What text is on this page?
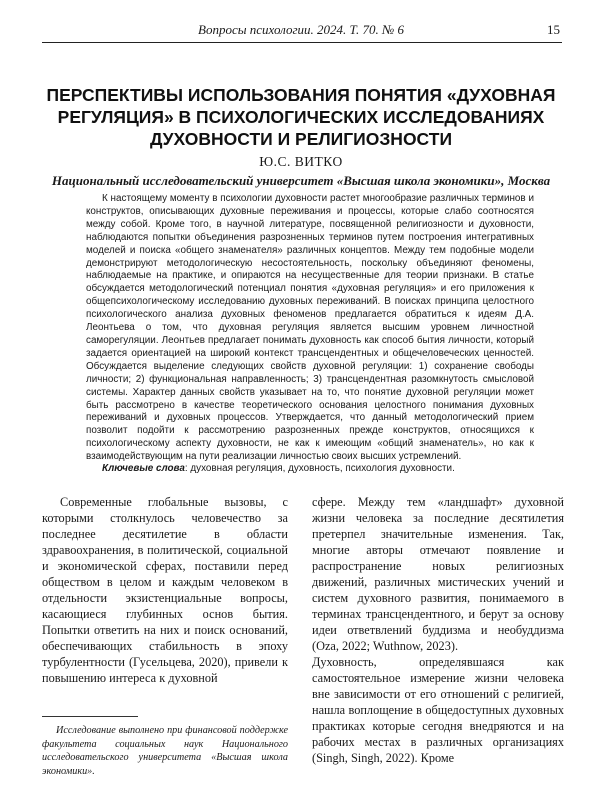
Вопросы психологии. 2024. Т. 70. № 6	15
ПЕРСПЕКТИВЫ ИСПОЛЬЗОВАНИЯ ПОНЯТИЯ «ДУХОВНАЯ РЕГУЛЯЦИЯ» В ПСИХОЛОГИЧЕСКИХ ИССЛЕДОВАНИЯХ ДУХОВНОСТИ И РЕЛИГИОЗНОСТИ
Ю.С. ВИТКО
Национальный исследовательский университет «Высшая школа экономики», Москва

К настоящему моменту в психологии духовности растет многообразие различных терминов и конструктов, описывающих духовные переживания и процессы, которые слабо соотносятся между собой. Кроме того, в научной литературе, посвященной религиозности и духовности, наблюдаются попытки объединения разрозненных терминов путем построения интегративных моделей и поиска «общего знаменателя» различных концептов. Между тем подобные модели демонстрируют методологическую несостоятельность, поскольку объединяют феномены, наблюдаемые на практике, и опираются на несущественные для теории признаки. В статье обсуждается методологический потенциал понятия «духовная регуляция» и его приложения к общепсихологическому исследованию духовных переживаний. В поисках принципа целостного психологического анализа духовных феноменов предлагается обратиться к идеям Д.А. Леонтьева о том, что духовная регуляция является высшим уровнем личностной саморегуляции. Леонтьев предлагает понимать духовность как способ бытия личности, который задается ориентацией на широкий контекст трансцендентных и общечеловеческих ценностей. Обсуждается выделение следующих свойств духовной регуляции: 1) сохранение свободы личности; 2) функциональная направленность; 3) трансцендентная разомкнутость смысловой системы. Характер данных свойств указывает на то, что понятие духовной регуляции может быть рассмотрено в качестве теоретического основания целостного понимания духовных переживаний и духовных процессов. Утверждается, что данный методологический прием позволит подойти к рассмотрению разрозненных прежде конструктов, относящихся к психологическому аспекту духовности, не как к имеющим «общий знаменатель», но как к взаимодействующим на пути реализации личностью своих высших устремлений.

Ключевые слова: духовная регуляция, духовность, психология духовности.

Современные глобальные вызовы, с которыми столкнулось человечество за последнее десятилетие в области здравоохранения, в политической, социальной и экономической сферах, поставили перед обществом в целом и каждым человеком в отдельности экзистенциальные вопросы, касающиеся глубинных основ бытия. Попытки ответить на них и поиск оснований, обеспечивающих стабильность в эпоху турбулентности (Гусельцева, 2020), привели к повышению интереса к духовной

сфере. Между тем «ландшафт» духовной жизни человека за последние десятилетия претерпел значительные изменения. Так, многие авторы отмечают появление и распространение новых религиозных движений, различных мистических учений и систем духовного развития, понимаемого в терминах трансцендентного, и берут за основу идеи ответвлений буддизма и необуддизма (Oza, 2022; Wuthnow, 2023).

Духовность, определявшаяся как самостоятельное измерение жизни человека вне зависимости от его отношений с религией, нашла воплощение в общедоступных духовных практиках которые сегодня внедряются и на рабочих местах в различных организациях (Singh, Singh, 2022). Кроме

Исследование выполнено при финансовой поддержке факультета социальных наук Национального исследовательского университета «Высшая школа экономики».
